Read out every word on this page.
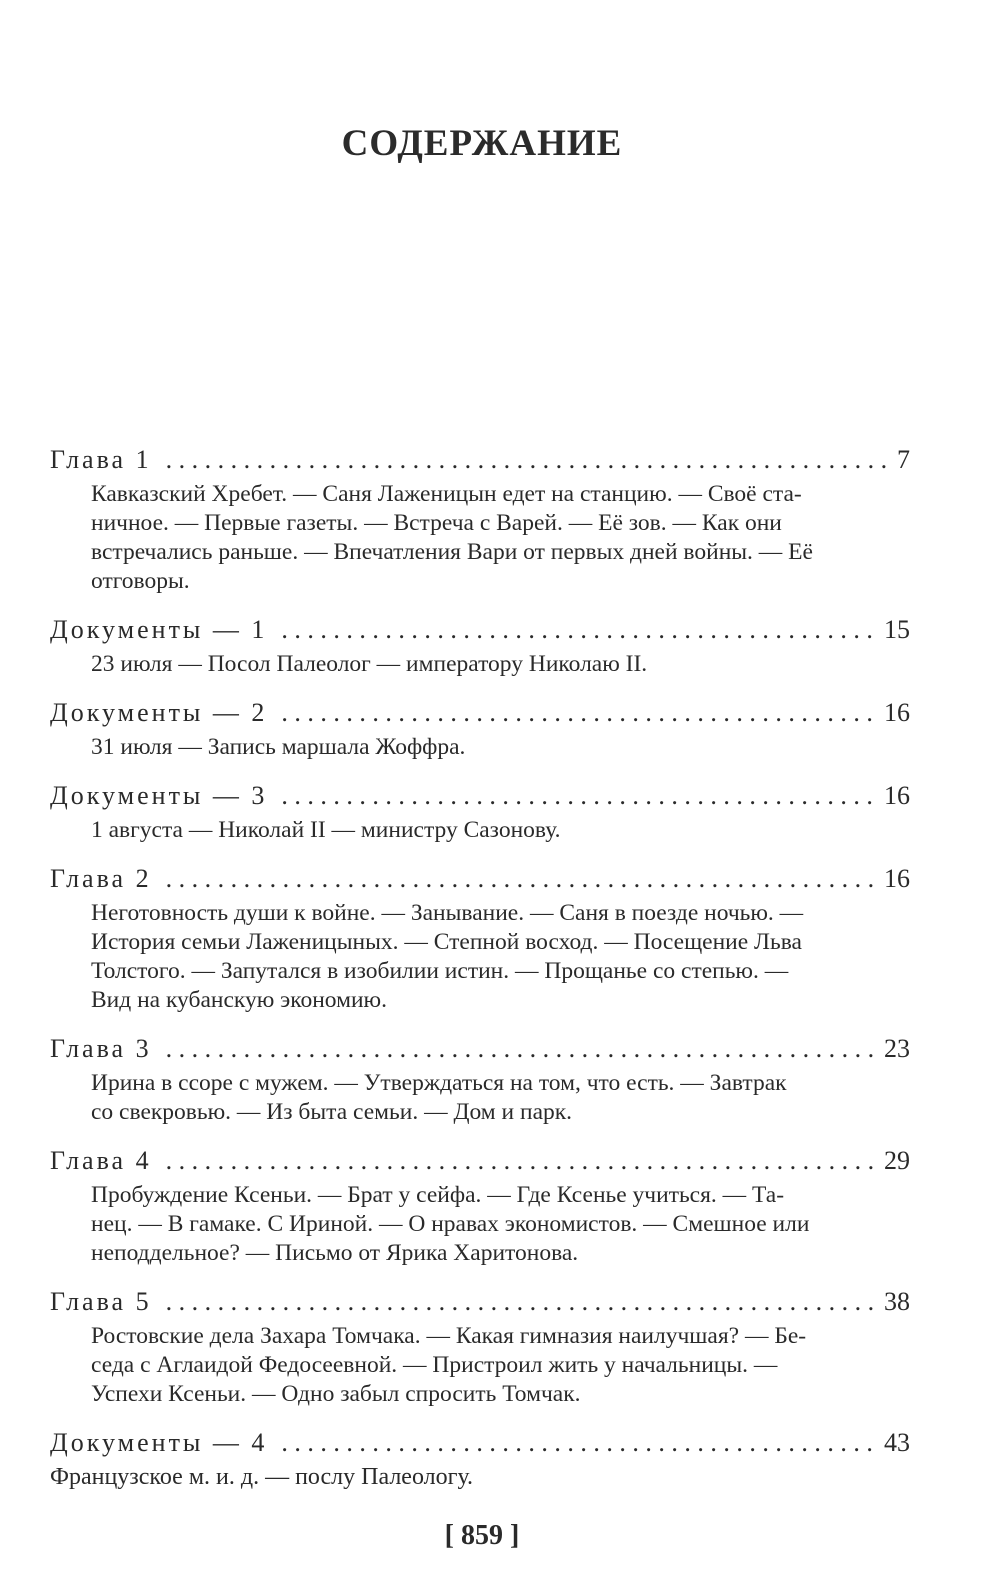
СОДЕРЖАНИЕ
Глава 1 . . .	7
Кавказский Хребет. — Саня Лаженицын едет на станцию. — Своё ста-
ничное. — Первые газеты. — Встреча с Варей. — Её зов. — Как они
встречались раньше. — Впечатления Вари от первых дней войны. — Её
отговоры.
Документы — 1 . . .	15
23 июля — Посол Палеолог — императору Николаю II.
Документы — 2 . . .	16
31 июля — Запись маршала Жоффра.
Документы — 3 . . .	16
1 августа — Николай II — министру Сазонову.
Глава 2 . . .	16
Неготовность души к войне. — Занывание. — Саня в поезде ночью. —
История семьи Лаженицыных. — Степной восход. — Посещение Льва
Толстого. — Запутался в изобилии истин. — Прощанье со степью. —
Вид на кубанскую экономию.
Глава 3 . . .	23
Ирина в ссоре с мужем. — Утверждаться на том, что есть. — Завтрак
со свекровью. — Из быта семьи. — Дом и парк.
Глава 4 . . .	29
Пробуждение Ксеньи. — Брат у сейфа. — Где Ксенье учиться. — Та-
нец. — В гамаке. С Ириной. — О нравах экономистов. — Смешное или
неподдельное? — Письмо от Ярика Харитонова.
Глава 5 . . .	38
Ростовские дела Захара Томчака. — Какая гимназия наилучшая? — Бе-
седа с Аглаидой Федосеевной. — Пристроил жить у начальницы. —
Успехи Ксеньи. — Одно забыл спросить Томчак.
Документы — 4 . . .	43
Французское м. и. д. — послу Палеологу.
[ 859 ]
